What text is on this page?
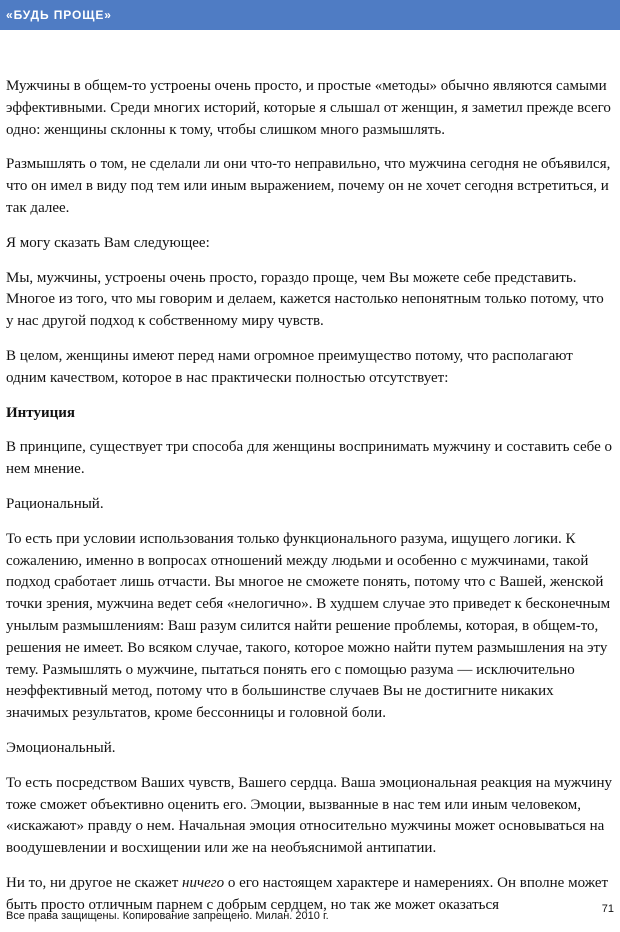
«БУДЬ ПРОЩЕ»

Мужчины в общем-то устроены очень просто, и простые «методы» обычно являются самыми эффективными. Среди многих историй, которые я слышал от женщин, я заметил прежде всего одно: женщины склонны к тому, чтобы слишком много размышлять.

Размышлять о том, не сделали ли они что-то неправильно, что мужчина сегодня не объявился, что он имел в виду под тем или иным выражением, почему он не хочет сегодня встретиться, и так далее.

Я могу сказать Вам следующее:

Мы, мужчины, устроены очень просто, гораздо проще, чем Вы можете себе представить. Многое из того, что мы говорим и делаем, кажется настолько непонятным только потому, что у нас другой подход к собственному миру чувств.

В целом, женщины имеют перед нами огромное преимущество потому, что располагают одним качеством, которое в нас практически полностью отсутствует:

Интуиция

В принципе, существует три способа для женщины воспринимать мужчину и составить себе о нем мнение.

Рациональный.

То есть при условии использования только функционального разума, ищущего логики. К сожалению, именно в вопросах отношений между людьми и особенно с мужчинами, такой подход сработает лишь отчасти. Вы многое не сможете понять, потому что с Вашей, женской точки зрения, мужчина ведет себя «нелогично». В худшем случае это приведет к бесконечным унылым размышлениям: Ваш разум силится найти решение проблемы, которая, в общем-то, решения не имеет. Во всяком случае, такого, которое можно найти путем размышления на эту тему. Размышлять о мужчине, пытаться понять его с помощью разума — исключительно неэффективный метод, потому что в большинстве случаев Вы не достигните никаких значимых результатов, кроме бессонницы и головной боли.

Эмоциональный.

То есть посредством Ваших чувств, Вашего сердца. Ваша эмоциональная реакция на мужчину тоже сможет объективно оценить его. Эмоции, вызванные в нас тем или иным человеком, «искажают» правду о нем. Начальная эмоция относительно мужчины может основываться на воодушевлении и восхищении или же на необъяснимой антипатии.

Ни то, ни другое не скажет ничего о его настоящем характере и намерениях. Он вполне может быть просто отличным парнем с добрым сердцем, но так же может оказаться

Все права защищены. Копирование запрещено. Милан. 2010 г.
71
